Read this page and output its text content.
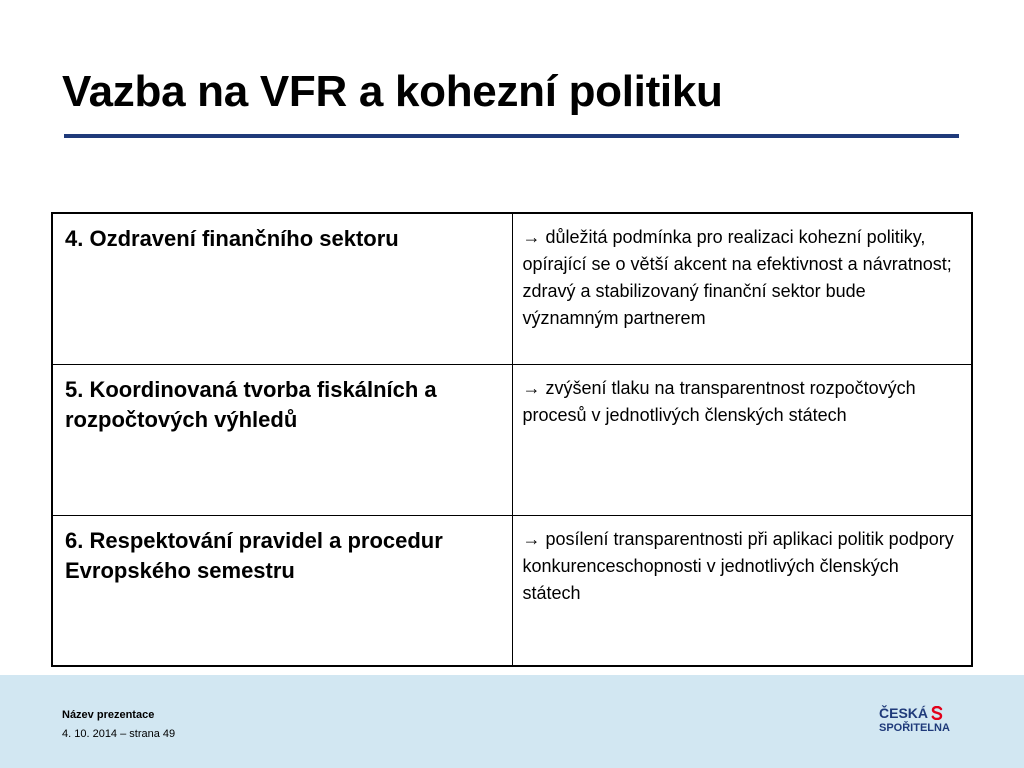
Vazba na VFR a kohezní politiku
4. Ozdravení finančního sektoru	→ důležitá podmínka pro realizaci kohezní politiky, opírající se o větší akcent na efektivnost a návratnost; zdravý a stabilizovaný finanční sektor bude významným partnerem
5. Koordinovaná tvorba fiskálních a rozpočtových výhledů	→ zvýšení tlaku na transparentnost rozpočtových procesů v jednotlivých členských státech
6. Respektování pravidel a procedur Evropského semestru	→ posílení transparentnosti při aplikaci politik podpory konkurenceschopnosti v jednotlivých členských státech
Název prezentace
4. 10. 2014 – strana 49
ČESKÁ
SPOŘITELNA
